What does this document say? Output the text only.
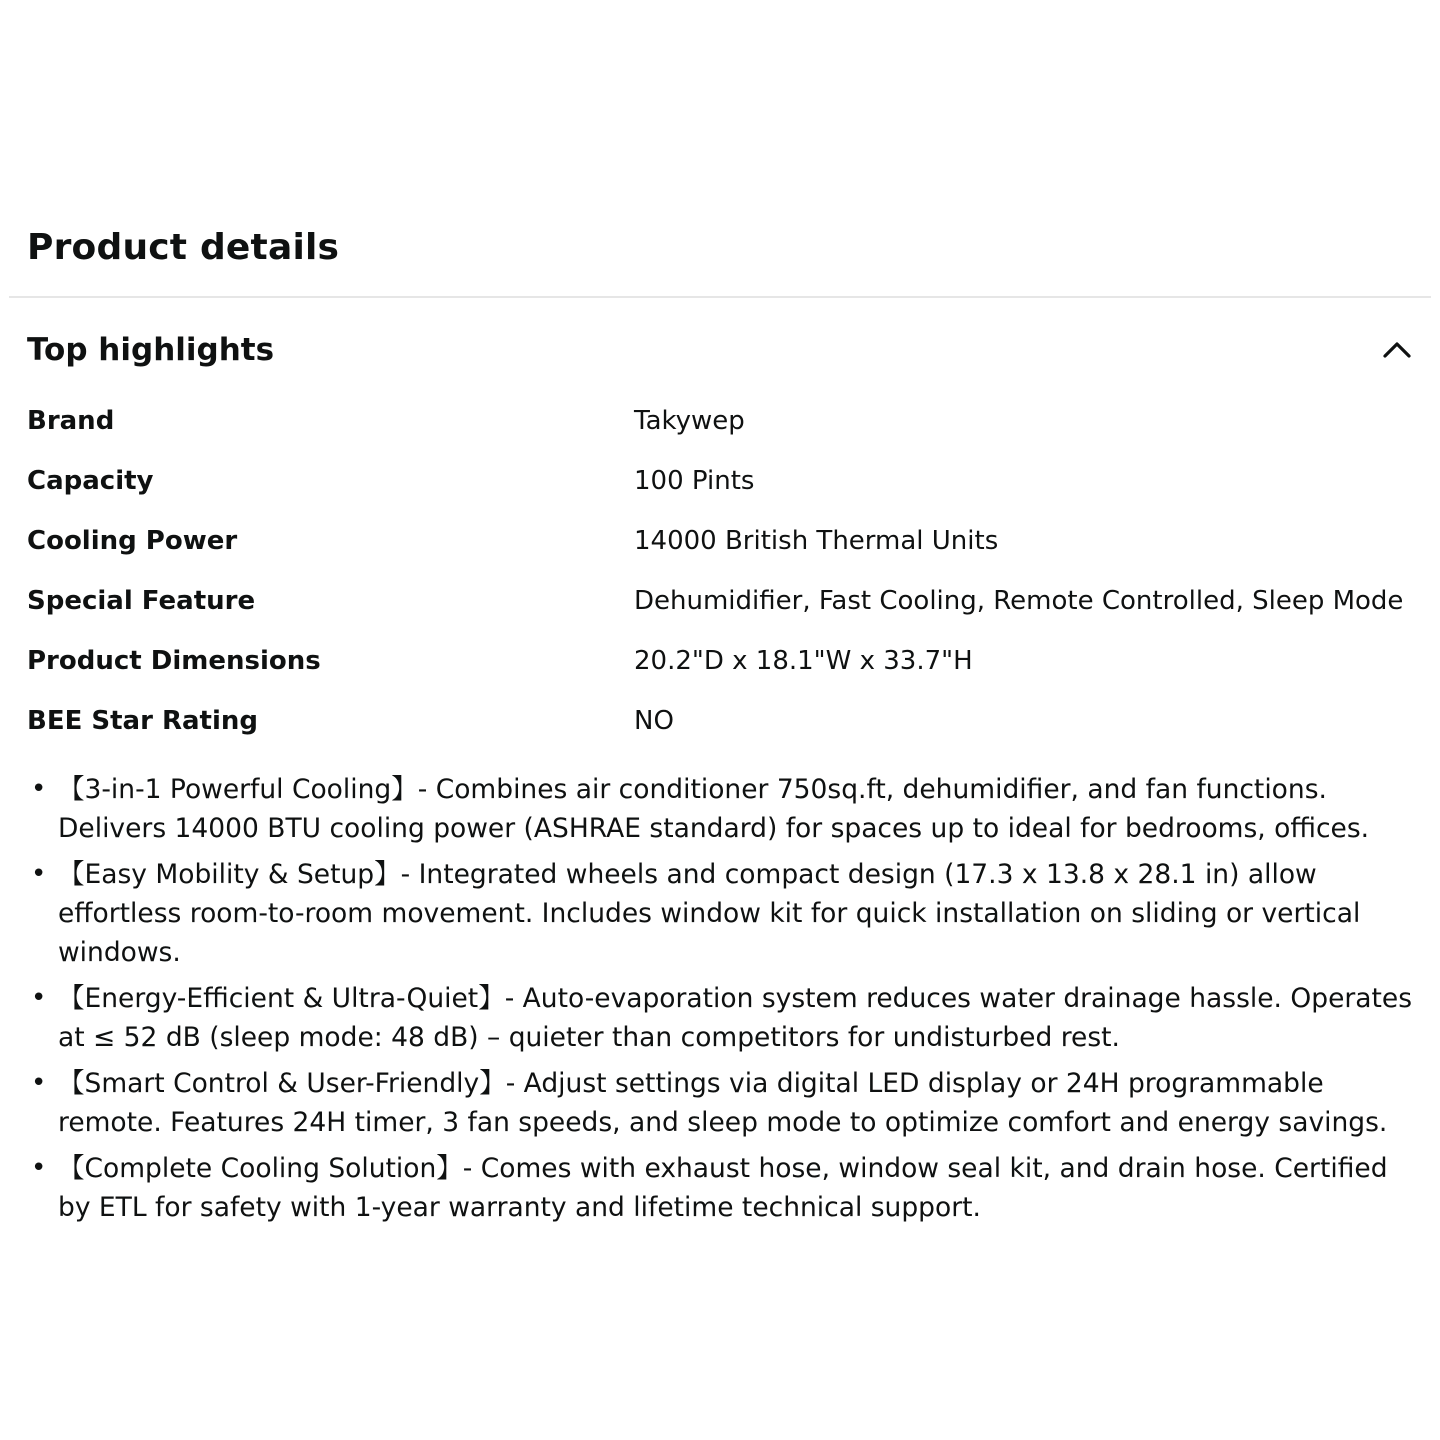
Product details
Top highlights
Brand	Takywep
Capacity	100 Pints
Cooling Power	14000 British Thermal Units
Special Feature	Dehumidifier, Fast Cooling, Remote Controlled, Sleep Mode
Product Dimensions	20.2"D x 18.1"W x 33.7"H
BEE Star Rating	NO
• 【3-in-1 Powerful Cooling】- Combines air conditioner 750sq.ft, dehumidifier, and fan functions. Delivers 14000 BTU cooling power (ASHRAE standard) for spaces up to ideal for bedrooms, offices.
• 【Easy Mobility & Setup】- Integrated wheels and compact design (17.3 x 13.8 x 28.1 in) allow effortless room-to-room movement. Includes window kit for quick installation on sliding or vertical windows.
• 【Energy-Efficient & Ultra-Quiet】- Auto-evaporation system reduces water drainage hassle. Operates at ≤ 52 dB (sleep mode: 48 dB) – quieter than competitors for undisturbed rest.
• 【Smart Control & User-Friendly】- Adjust settings via digital LED display or 24H programmable remote. Features 24H timer, 3 fan speeds, and sleep mode to optimize comfort and energy savings.
• 【Complete Cooling Solution】- Comes with exhaust hose, window seal kit, and drain hose. Certified by ETL for safety with 1-year warranty and lifetime technical support.
